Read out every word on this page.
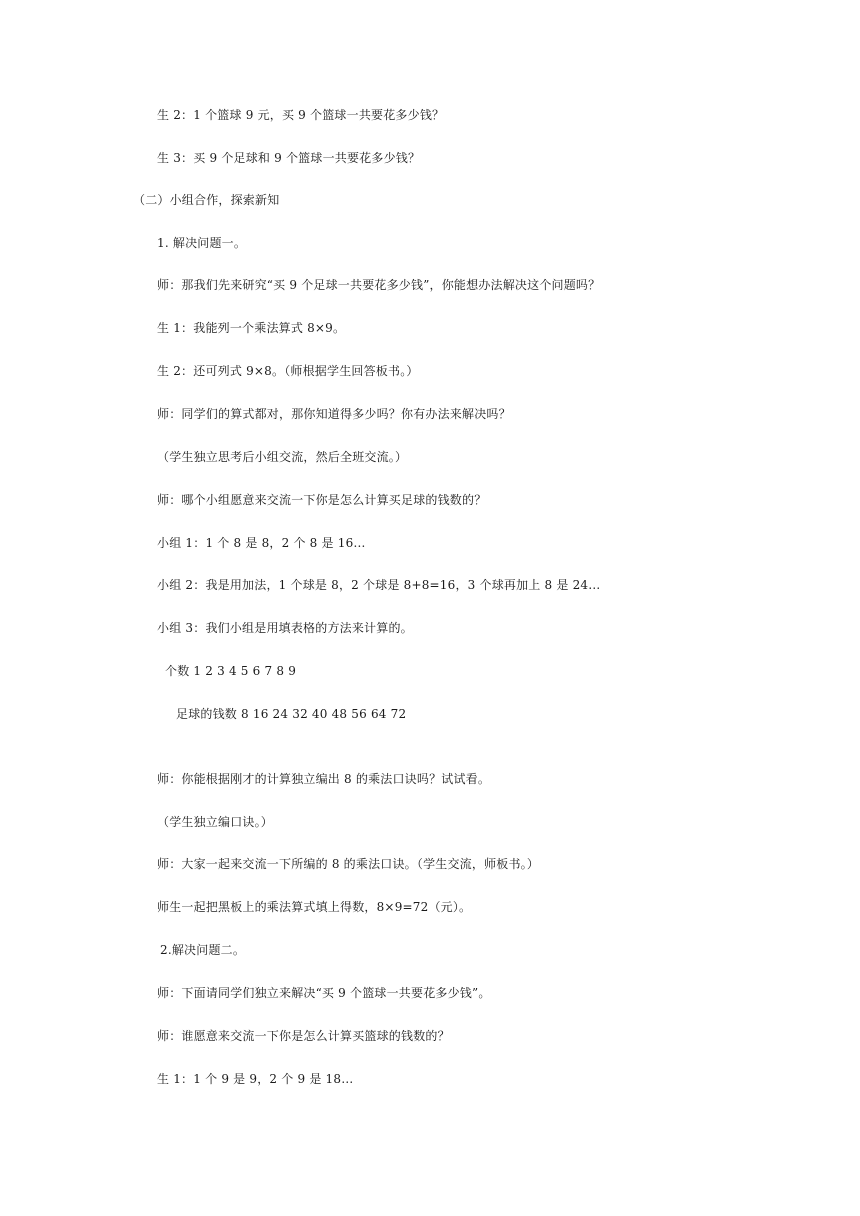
生 2：1 个篮球 9 元，买 9 个篮球一共要花多少钱？
生 3：买 9 个足球和 9 个篮球一共要花多少钱？
（二）小组合作，探索新知
1. 解决问题一。
师：那我们先来研究“买 9 个足球一共要花多少钱”，你能想办法解决这个问题吗？
生 1：我能列一个乘法算式 8×9。
生 2：还可列式 9×8。（师根据学生回答板书。）
师：同学们的算式都对，那你知道得多少吗？你有办法来解决吗？
（学生独立思考后小组交流，然后全班交流。）
师：哪个小组愿意来交流一下你是怎么计算买足球的钱数的？
小组 1：1 个 8 是 8，2 个 8 是 16…
小组 2：我是用加法，1 个球是 8，2 个球是 8+8=16，3 个球再加上 8 是 24…
小组 3：我们小组是用填表格的方法来计算的。
个数 1 2 3 4 5 6 7 8 9
足球的钱数 8 16 24 32 40 48 56 64 72
师：你能根据刚才的计算独立编出 8 的乘法口诀吗？试试看。
（学生独立编口诀。）
师：大家一起来交流一下所编的 8 的乘法口诀。（学生交流，师板书。）
师生一起把黑板上的乘法算式填上得数，8×9=72（元）。
2.解决问题二。
师：下面请同学们独立来解决“买 9 个篮球一共要花多少钱”。
师：谁愿意来交流一下你是怎么计算买篮球的钱数的？
生 1：1 个 9 是 9，2 个 9 是 18…
